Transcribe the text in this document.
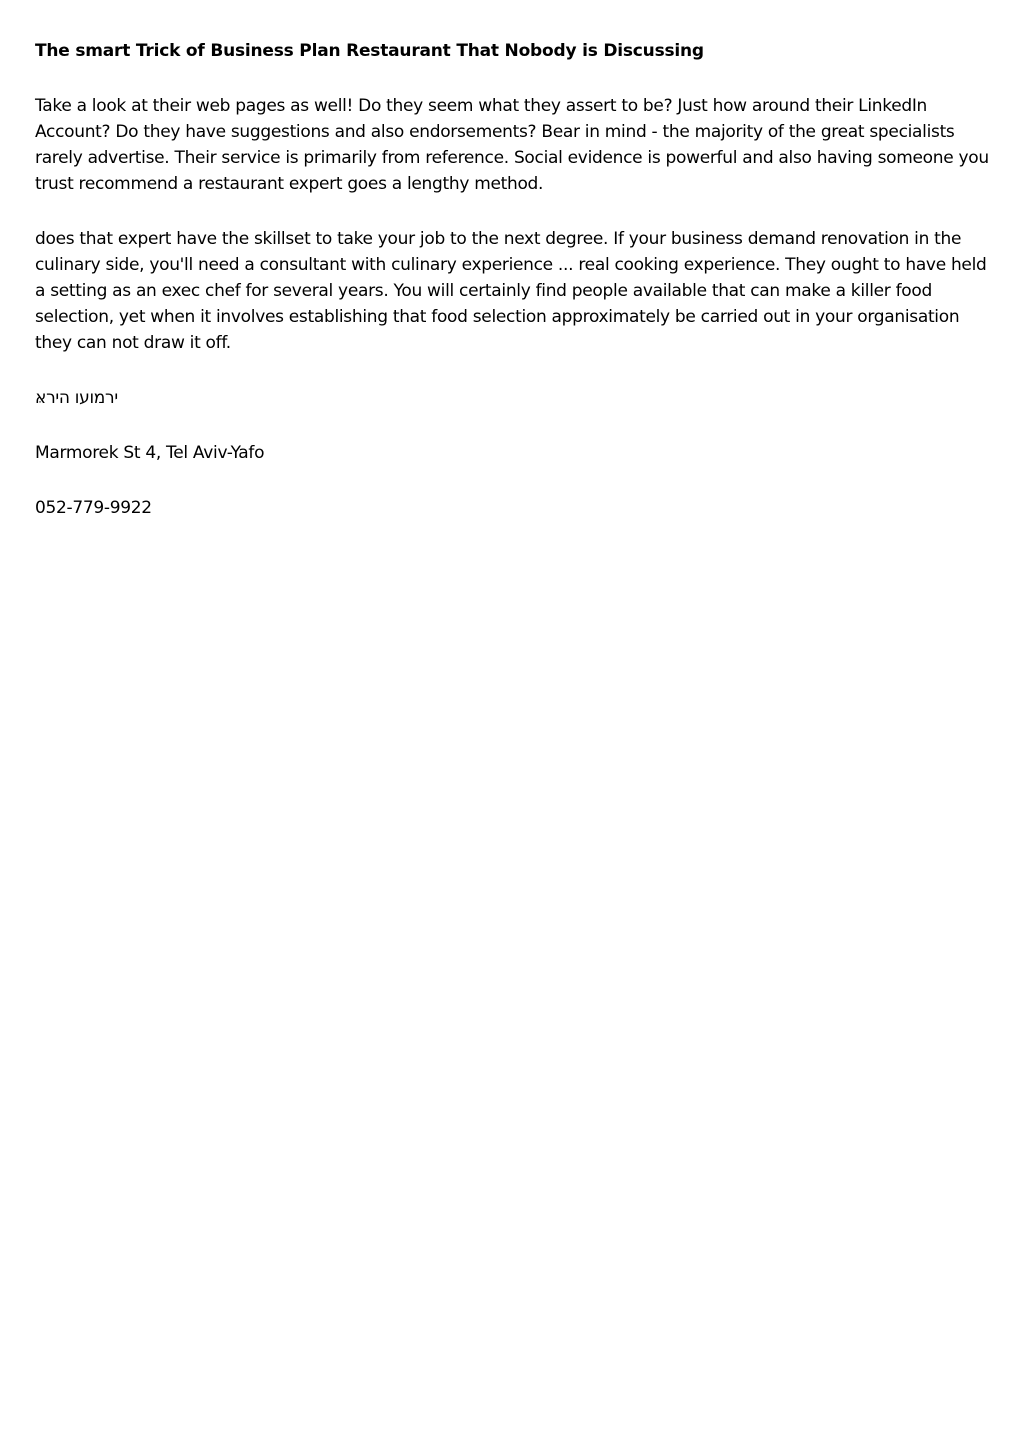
The smart Trick of Business Plan Restaurant That Nobody is Discussing

Take a look at their web pages as well! Do they seem what they assert to be? Just how around their LinkedIn Account? Do they have suggestions and also endorsements? Bear in mind - the majority of the great specialists rarely advertise. Their service is primarily from reference. Social evidence is powerful and also having someone you trust recommend a restaurant expert goes a lengthy method.

does that expert have the skillset to take your job to the next degree. If your business demand renovation in the culinary side, you'll need a consultant with culinary experience ... real cooking experience. They ought to have held a setting as an exec chef for several years. You will certainly find people available that can make a killer food selection, yet when it involves establishing that food selection approximately be carried out in your organisation they can not draw it off.

ירמועו היראּ

Marmorek St 4, Tel Aviv-Yafo

052-779-9922
